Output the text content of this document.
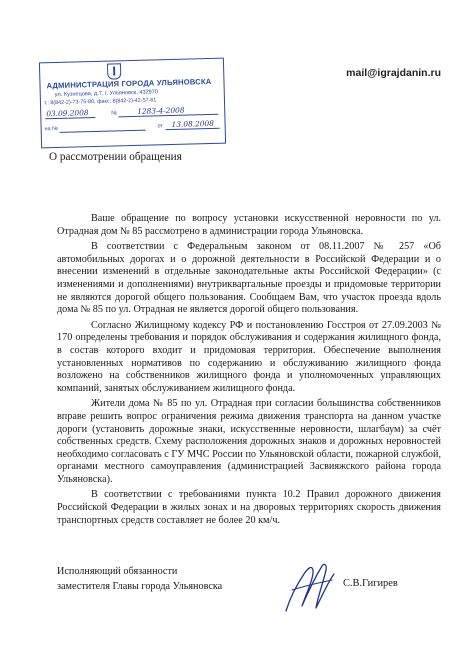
АДМИНИСТРАЦИЯ ГОРОДА УЛЬЯНОВСКА
ул. Кузнецова, д.7, г. Ульяновск, 432970
т.: 8(842-2)-73-75-80, факс: 8(842-2)-42-57-61
№
03.09.2008	1283-4-2008
на №	от 13.08.2008
mail@igrajdanin.ru
О рассмотрении обращения

Ваше обращение по вопросу установки искусственной неровности по ул. Отрадная дом № 85 рассмотрено в администрации города Ульяновска.

В соответствии с Федеральным законом от 08.11.2007 № 257 «Об автомобильных дорогах и о дорожной деятельности в Российской Федерации и о внесении изменений в отдельные законодательные акты Российской Федерации» (с изменениями и дополнениями) внутриквартальные проезды и придомовые территории не являются дорогой общего пользования. Сообщаем Вам, что участок проезда вдоль дома № 85 по ул. Отрадная не является дорогой общего пользования.

Согласно Жилищному кодексу РФ и постановлению Госстроя от 27.09.2003 № 170 определены требования и порядок обслуживания и содержания жилищного фонда, в состав которого входит и придомовая территория. Обеспечение выполнения установленных нормативов по содержанию и обслуживанию жилищного фонда возложено на собственников жилищного фонда и уполномоченных управляющих компаний, занятых обслуживанием жилищного фонда.

Жители дома № 85 по ул. Отрадная при согласии большинства собственников вправе решить вопрос ограничения режима движения транспорта на данном участке дороги (установить дорожные знаки, искусственные неровности, шлагбаум) за счёт собственных средств. Схему расположения дорожных знаков и дорожных неровностей необходимо согласовать с ГУ МЧС России по Ульяновской области, пожарной службой, органами местного самоуправления (администрацией Засвияжского района города Ульяновска).

В соответствии с требованиями пункта 10.2 Правил дорожного движения Российской Федерации в жилых зонах и на дворовых территориях скорость движения транспортных средств составляет не более 20 км/ч.

Исполняющий обязанности
заместителя Главы города Ульяновска	С.В.Гигирев
